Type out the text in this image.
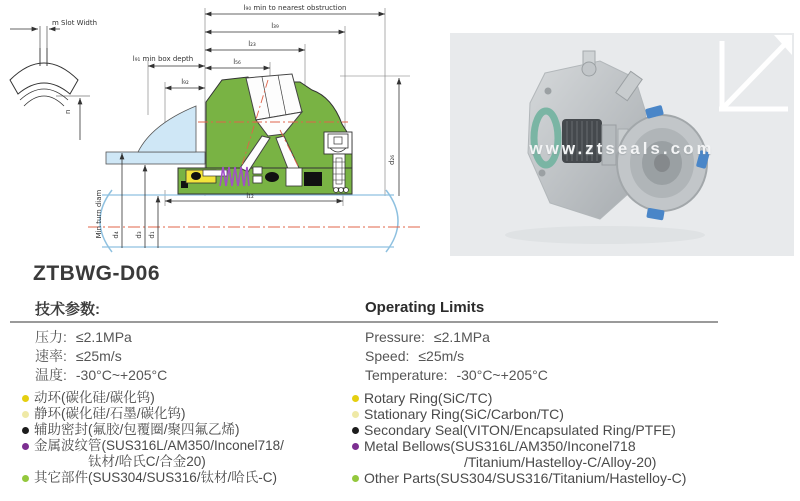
m Slot Width
n
l₉₀ min to nearest obstruction
l₃₉
l₂₃
l₅₆
l₉₁ min box depth
l₉₂
l₁₂
d₂₆
d₄ d₃ d₁
Min turn diam
www.ztseals.com
ZTBWG-D06
技术参数:	Operating Limits
压力: ≤2.1MPa
速率: ≤25m/s
温度: -30°C~+205°C
Pressure: ≤2.1MPa
Speed: ≤25m/s
Temperature: -30°C~+205°C
动环(碳化硅/碳化钨)
静环(碳化硅/石墨/碳化钨)
辅助密封(氟胶/包覆圈/聚四氟乙烯)
金属波纹管(SUS316L/AM350/Inconel718/
钛材/哈氏C/合金20)
其它部件(SUS304/SUS316/钛材/哈氏-C)
Rotary Ring(SiC/TC)
Stationary Ring(SiC/Carbon/TC)
Secondary Seal(VITON/Encapsulated Ring/PTFE)
Metal Bellows(SUS316L/AM350/Inconel718
/Titanium/Hastelloy-C/Alloy-20)
Other Parts(SUS304/SUS316/Titanium/Hastelloy-C)
